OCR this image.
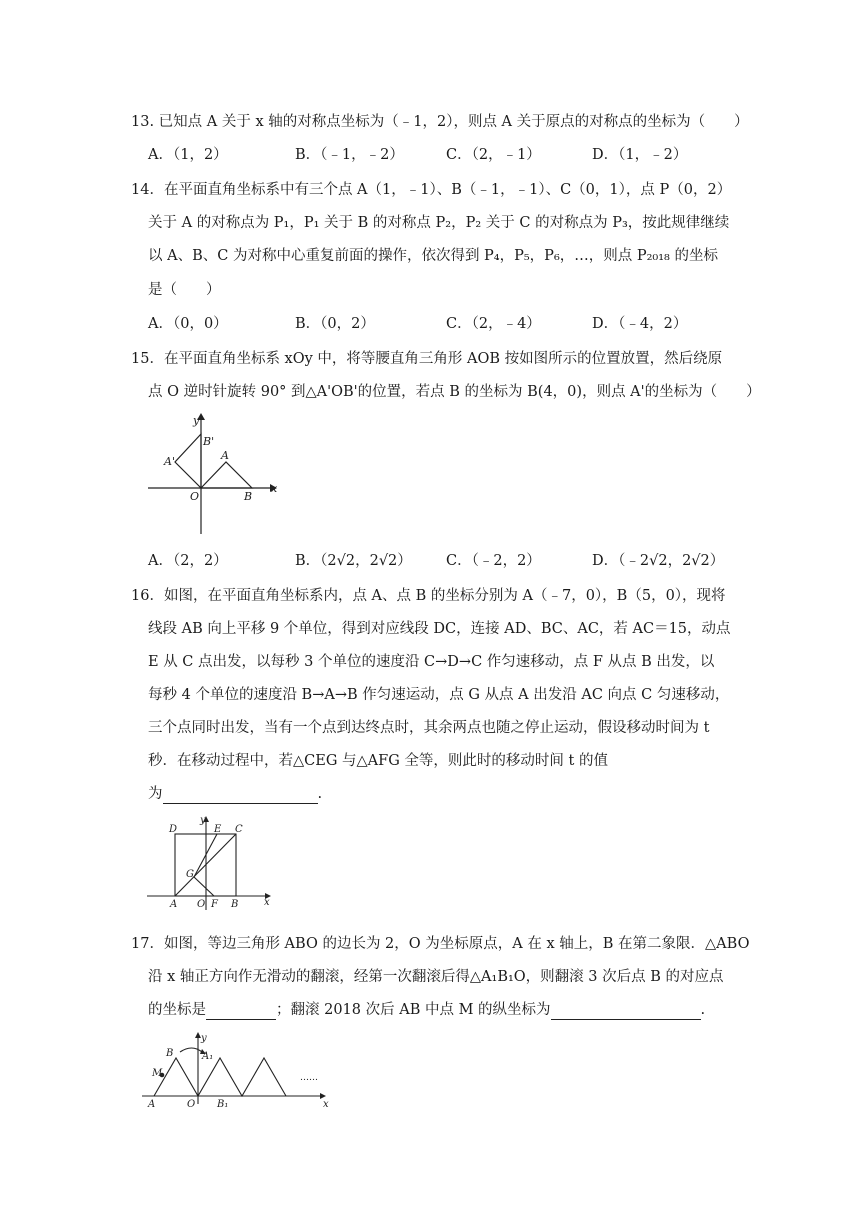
13. 已知点 A 关于 x 轴的对称点坐标为（﹣1，2），则点 A 关于原点的对称点的坐标为（　　）
A．（1，2）	B．（﹣1，﹣2）	C．（2，﹣1）	D．（1，﹣2）
14．在平面直角坐标系中有三个点 A（1，﹣1）、B（﹣1，﹣1）、C（0，1），点 P（0，2）
关于 A 的对称点为 P₁，P₁ 关于 B 的对称点 P₂，P₂ 关于 C 的对称点为 P₃，按此规律继续
以 A、B、C 为对称中心重复前面的操作，依次得到 P₄，P₅，P₆，…，则点 P₂₀₁₈ 的坐标
是（　　）
A．（0，0）	B．（0，2）	C．（2，﹣4）	D．（﹣4，2）
15．在平面直角坐标系 xOy 中，将等腰直角三角形 AOB 按如图所示的位置放置，然后绕原
点 O 逆时针旋转 90° 到△A'OB'的位置，若点 B 的坐标为 B(4，0)，则点 A'的坐标为（　　）
y
x
B'
A'	A
O	B
A．（2，2）	B．（2√2，2√2） C．（﹣2，2）	D．（﹣2√2，2√2）
16．如图，在平面直角坐标系内，点 A、点 B 的坐标分别为 A（﹣7，0），B（5，0），现将
线段 AB 向上平移 9 个单位，得到对应线段 DC，连接 AD、BC、AC，若 AC＝15，动点
E 从 C 点出发，以每秒 3 个单位的速度沿 C→D→C 作匀速移动，点 F 从点 B 出发，以
每秒 4 个单位的速度沿 B→A→B 作匀速运动，点 G 从点 A 出发沿 AC 向点 C 匀速移动，
三个点同时出发，当有一个点到达终点时，其余两点也随之停止运动，假设移动时间为 t
秒．在移动过程中，若△CEG 与△AFG 全等，则此时的移动时间 t 的值
为	.
y
x
D	E C
G
A O F B
17．如图，等边三角形 ABO 的边长为 2，O 为坐标原点，A 在 x 轴上，B 在第二象限．△ABO
沿 x 轴正方向作无滑动的翻滚，经第一次翻滚后得△A₁B₁O，则翻滚 3 次后点 B 的对应点
的坐标是	；翻滚 2018 次后 AB 中点 M 的纵坐标为	.
y
x
B	A₁
M
A	O B₁
……
